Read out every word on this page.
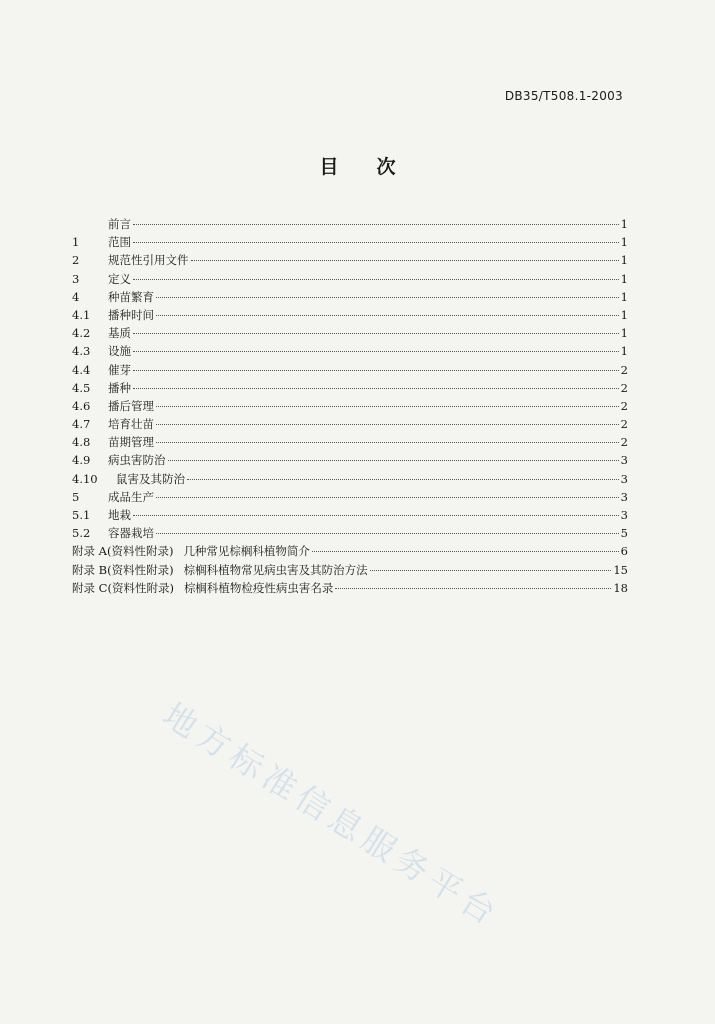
DB35/T508.1-2003
目　　次
前言	1
1	范围	1
2	规范性引用文件	1
3	定义	1
4	种苗繁育	1
4.1	播种时间	1
4.2	基质	1
4.3	设施	1
4.4	催芽	2
4.5	播种	2
4.6	播后管理	2
4.7	培育壮苗	2
4.8	苗期管理	2
4.9	病虫害防治	3
4.10	鼠害及其防治	3
5	成品生产	3
5.1	地栽	3
5.2	容器栽培	5
附录 A(资料性附录) 几种常见棕榈科植物简介	6
附录 B(资料性附录) 棕榈科植物常见病虫害及其防治方法	15
附录 C(资料性附录) 棕榈科植物检疫性病虫害名录	18
地方标准信息服务平台
